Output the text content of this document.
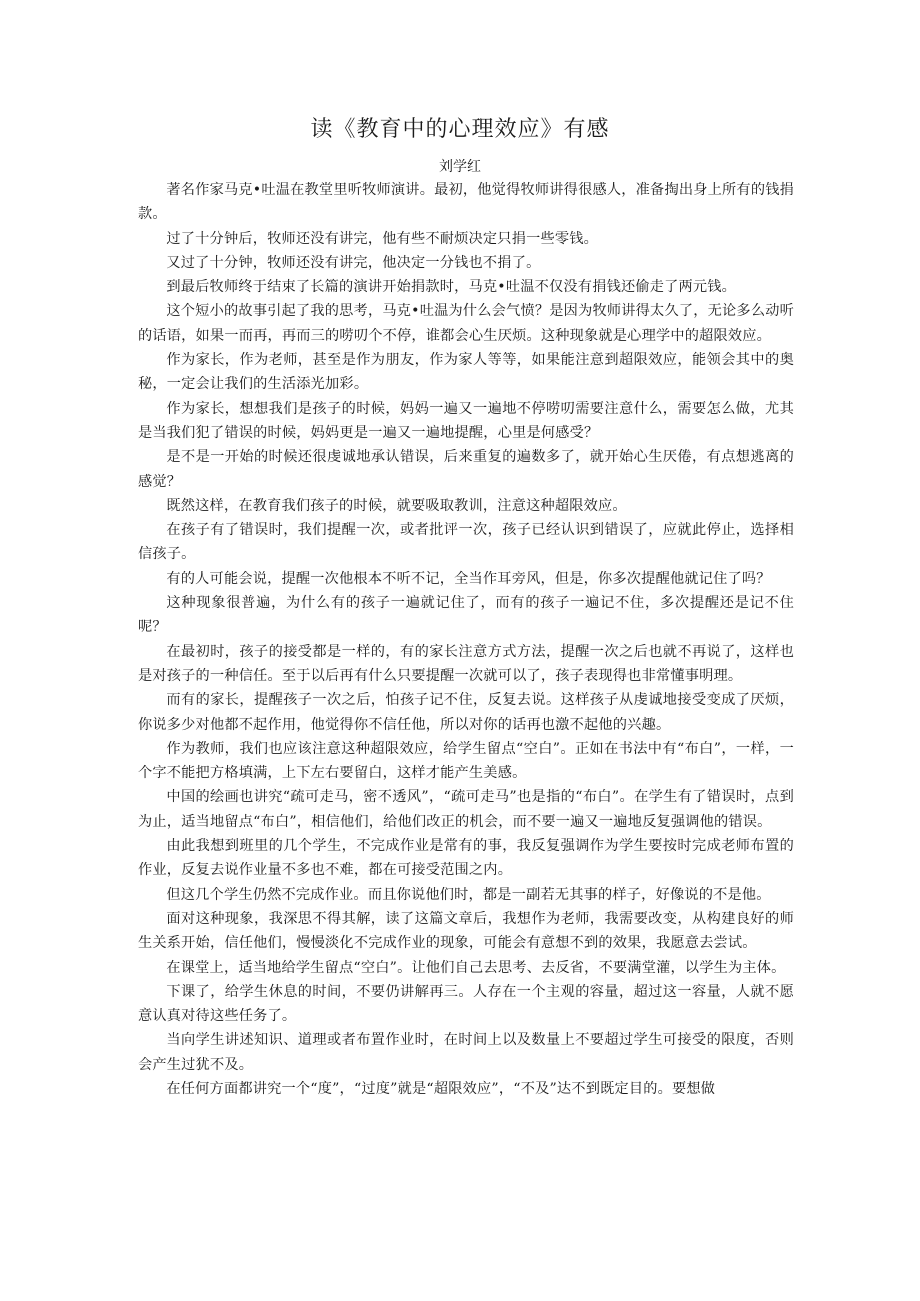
读《教育中的心理效应》有感
刘学红

著名作家马克•吐温在教堂里听牧师演讲。最初，他觉得牧师讲得很感人，准备掏出身上所有的钱捐款。

过了十分钟后，牧师还没有讲完，他有些不耐烦决定只捐一些零钱。

又过了十分钟，牧师还没有讲完，他决定一分钱也不捐了。

到最后牧师终于结束了长篇的演讲开始捐款时，马克•吐温不仅没有捐钱还偷走了两元钱。

这个短小的故事引起了我的思考，马克•吐温为什么会气愤？是因为牧师讲得太久了，无论多么动听的话语，如果一而再，再而三的唠叨个不停，谁都会心生厌烦。这种现象就是心理学中的超限效应。

作为家长，作为老师，甚至是作为朋友，作为家人等等，如果能注意到超限效应，能领会其中的奥秘，一定会让我们的生活添光加彩。

作为家长，想想我们是孩子的时候，妈妈一遍又一遍地不停唠叨需要注意什么，需要怎么做，尤其是当我们犯了错误的时候，妈妈更是一遍又一遍地提醒，心里是何感受？

是不是一开始的时候还很虔诚地承认错误，后来重复的遍数多了，就开始心生厌倦，有点想逃离的感觉？

既然这样，在教育我们孩子的时候，就要吸取教训，注意这种超限效应。

在孩子有了错误时，我们提醒一次，或者批评一次，孩子已经认识到错误了，应就此停止，选择相信孩子。

有的人可能会说，提醒一次他根本不听不记，全当作耳旁风，但是，你多次提醒他就记住了吗？

这种现象很普遍，为什么有的孩子一遍就记住了，而有的孩子一遍记不住，多次提醒还是记不住呢？

在最初时，孩子的接受都是一样的，有的家长注意方式方法，提醒一次之后也就不再说了，这样也是对孩子的一种信任。至于以后再有什么只要提醒一次就可以了，孩子表现得也非常懂事明理。

而有的家长，提醒孩子一次之后，怕孩子记不住，反复去说。这样孩子从虔诚地接受变成了厌烦，你说多少对他都不起作用，他觉得你不信任他，所以对你的话再也激不起他的兴趣。

作为教师，我们也应该注意这种超限效应，给学生留点“空白”。正如在书法中有“布白”，一样，一个字不能把方格填满，上下左右要留白，这样才能产生美感。

中国的绘画也讲究“疏可走马，密不透风”，“疏可走马”也是指的“布白”。在学生有了错误时，点到为止，适当地留点“布白”，相信他们，给他们改正的机会，而不要一遍又一遍地反复强调他的错误。

由此我想到班里的几个学生，不完成作业是常有的事，我反复强调作为学生要按时完成老师布置的作业，反复去说作业量不多也不难，都在可接受范围之内。

但这几个学生仍然不完成作业。而且你说他们时，都是一副若无其事的样子，好像说的不是他。

面对这种现象，我深思不得其解，读了这篇文章后，我想作为老师，我需要改变，从构建良好的师生关系开始，信任他们，慢慢淡化不完成作业的现象，可能会有意想不到的效果，我愿意去尝试。

在课堂上，适当地给学生留点“空白”。让他们自己去思考、去反省，不要满堂灌，以学生为主体。

下课了，给学生休息的时间，不要仍讲解再三。人存在一个主观的容量，超过这一容量，人就不愿意认真对待这些任务了。

当向学生讲述知识、道理或者布置作业时，在时间上以及数量上不要超过学生可接受的限度，否则会产生过犹不及。

在任何方面都讲究一个“度”，“过度”就是“超限效应”，“不及”达不到既定目的。要想做
